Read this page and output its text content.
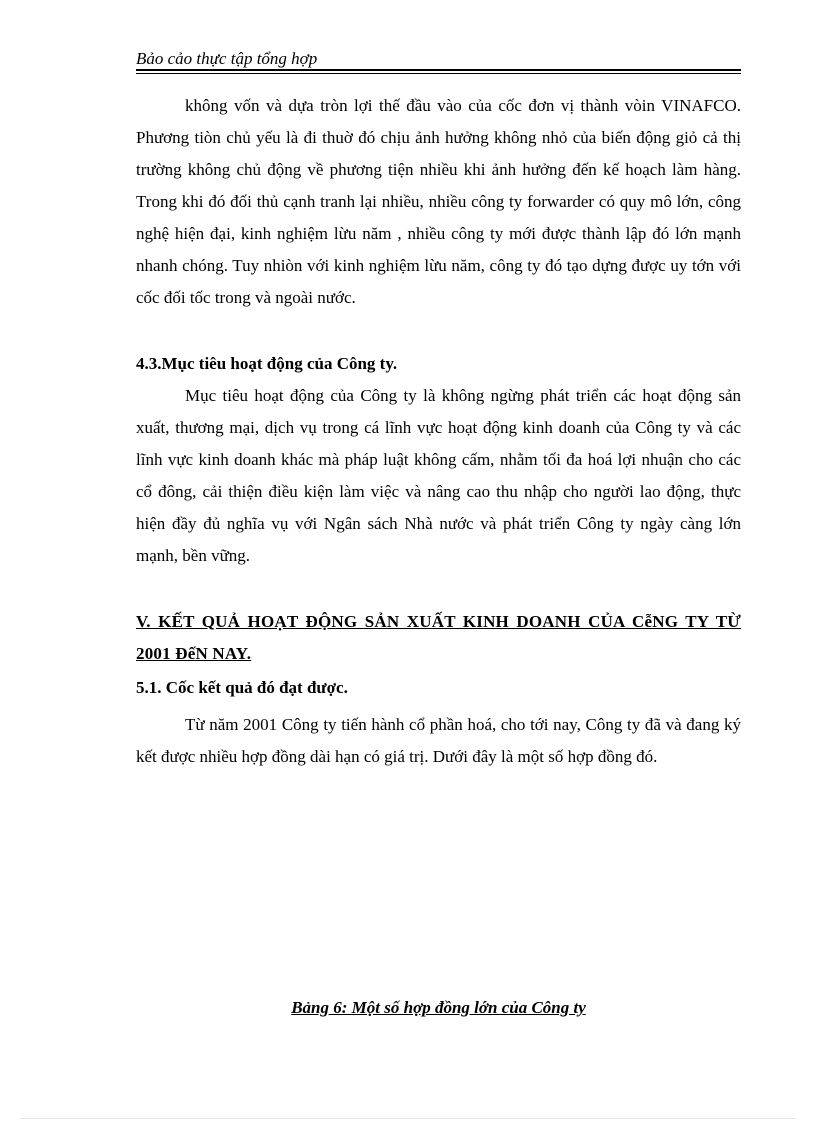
Bảo cảo thực tập tổng hợp

không vốn và dựa tròn lợi thế đầu vào của cốc đơn vị thành vòin VINAFCO. Phương tiòn chủ yếu là đi thuờ đó chịu ảnh hưởng không nhỏ của biến động giỏ cả thị trường không chủ động về phương tiện nhiều khi ảnh hưởng đến kế hoạch làm hàng. Trong khi đó đối thủ cạnh tranh lại nhiều, nhiều công ty forwarder có quy mô lớn, công nghệ hiện đại, kinh nghiệm lừu năm , nhiều công ty mới được thành lập đó lớn mạnh nhanh chóng. Tuy nhiòn với kinh nghiệm lừu năm, công ty đó tạo dựng được uy tớn với cốc đối tốc trong và ngoài nước.

4.3.Mục tiêu hoạt động của Công ty.

Mục tiêu hoạt động của Công ty là không ngừng phát triển các hoạt động sản xuất, thương mại, dịch vụ trong cá lĩnh vực hoạt động kinh doanh của Công ty và các lĩnh vực kinh doanh khác mà pháp luật không cấm, nhằm tối đa hoá lợi nhuận cho các cổ đông, cải thiện điều kiện làm việc và nâng cao thu nhập cho người lao động, thực hiện đầy đủ nghĩa vụ với Ngân sách Nhà nước và phát triển Công ty ngày càng lớn mạnh, bền vững.

V. KẾT QUẢ HOẠT ĐỘNG SẢN XUẤT KINH DOANH CỦA CễNG TY TỪ 2001 ĐếN NAY.
5.1. Cốc kết quả đó đạt được.

Từ năm 2001 Công ty tiến hành cổ phần hoá, cho tới nay, Công ty đã và đang ký kết được nhiều hợp đồng dài hạn có giá trị. Dưới đây là một số hợp đồng đó.

Bảng 6: Một số hợp đồng lớn của Công ty
